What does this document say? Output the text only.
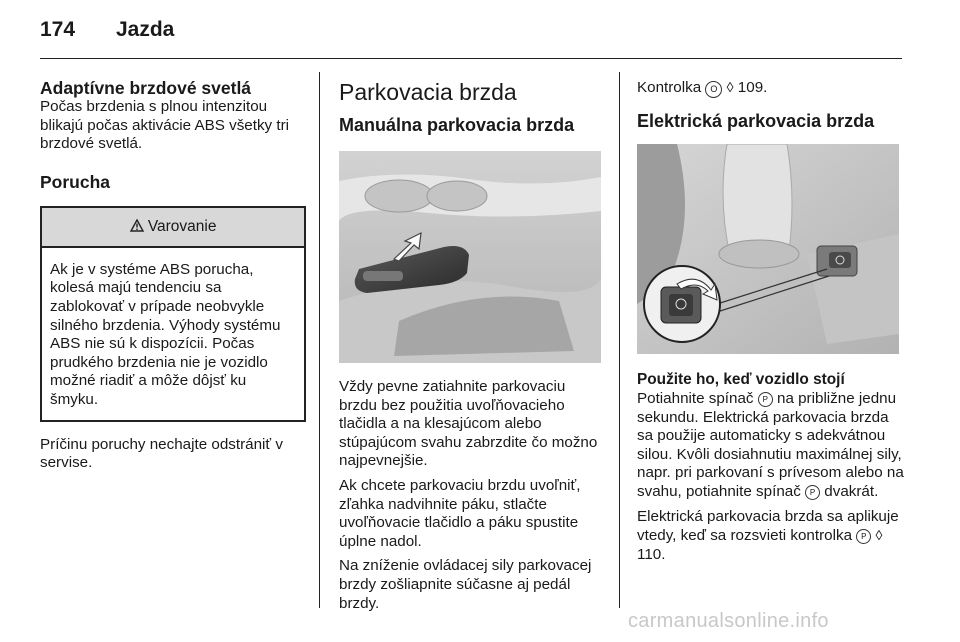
174 Jazda
Adaptívne brzdové svetlá

Počas brzdenia s plnou intenzitou blikajú počas aktivácie ABS všetky tri brzdové svetlá.

Porucha
Varovanie
Ak je v systéme ABS porucha, kolesá majú tendenciu sa zablokovať v prípade neobvykle silného brzdenia. Výhody systému ABS nie sú k dispozícii. Počas prudkého brzdenia nie je vozidlo možné riadiť a môže dôjsť ku šmyku.

Príčinu poruchy nechajte odstrániť v servise.

Parkovacia brzda
Manuálna parkovacia brzda

Vždy pevne zatiahnite parkovaciu brzdu bez použitia uvoľňovacieho tlačidla a na klesajúcom alebo stúpajúcom svahu zabrzdite čo možno najpevnejšie.

Ak chcete parkovaciu brzdu uvoľniť, zľahka nadvihnite páku, stlačte uvoľňovacie tlačidlo a páku spustite úplne nadol.

Na zníženie ovládacej sily parkovacej brzdy zošliapnite súčasne aj pedál brzdy.

Kontrolka O ◊ 109.

Elektrická parkovacia brzda
Použite ho, keď vozidlo stojí

Potiahnite spínač P na približne jednu sekundu. Elektrická parkovacia brzda sa použije automaticky s adekvátnou silou. Kvôli dosiahnutiu maximálnej sily, napr. pri parkovaní s prívesom alebo na svahu, potiahnite spínač P dvakrát.

Elektrická parkovacia brzda sa aplikuje vtedy, keď sa rozsvieti kontrolka P ◊ 110.

carmanualsonline.info
